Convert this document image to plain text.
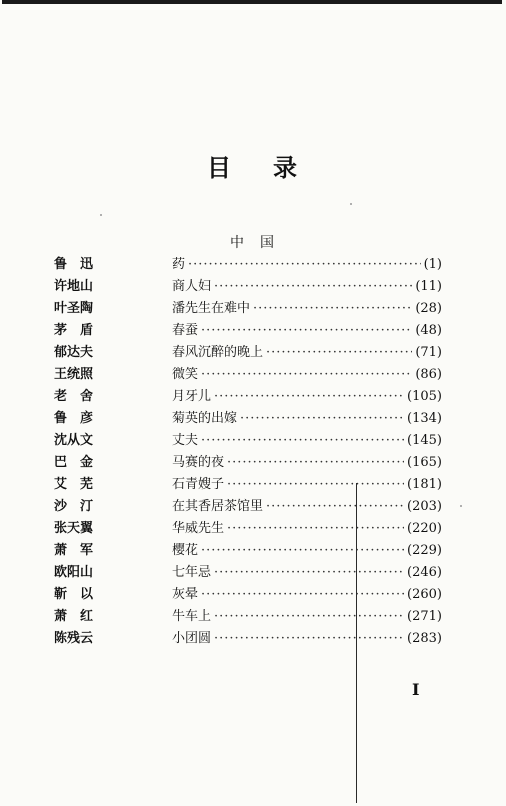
目 录
中 国
鲁　迅	药 ·····	(1)
许地山	商人妇 ·····	(11)
叶圣陶	潘先生在难中 ·····	(28)
茅　盾	春蚕 ·····	(48)
郁达夫	春风沉醉的晚上 ·····	(71)
王统照	微笑 ·····	(86)
老　舍	月牙儿 ·····	(105)
鲁　彦	菊英的出嫁 ·····	(134)
沈从文	丈夫 ·····	(145)
巴　金	马赛的夜 ·····	(165)
艾　芜	石青嫂子 ·····	(181)
沙　汀	在其香居茶馆里 ·····	(203)
张天翼	华威先生 ·····	(220)
萧　军	樱花 ·····	(229)
欧阳山	七年忌 ·····	(246)
靳　以	灰晕 ·····	(260)
萧　红	牛车上 ·····	(271)
陈残云	小团圆 ·····	(283)
I
